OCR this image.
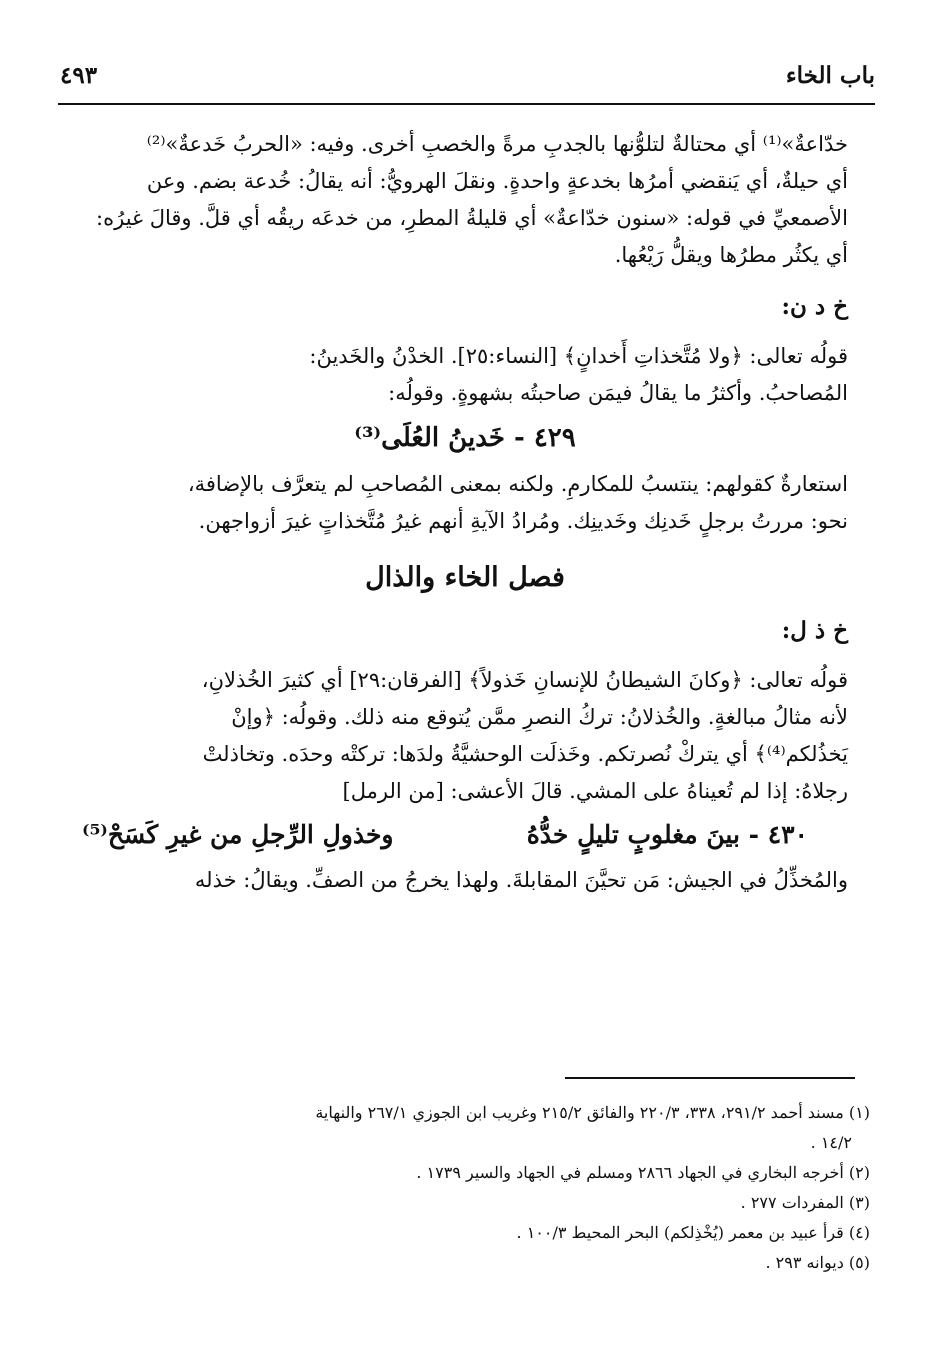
٤٩٣	باب الخاء

خدّاعةٌ»⁽¹⁾ أي محتالةٌ لتلوُّنها بالجدبِ مرةً والخصبِ أخرى. وفيه: «الحربُ خَدعةٌ»⁽²⁾

أي حيلةٌ، أي يَنقضي أمرُها بخدعةٍ واحدةٍ. ونقلَ الهرويُّ: أنه يقالُ: خُدعة بضم. وعن

الأصمعيِّ في قوله: «سنون خدّاعةٌ» أي قليلةُ المطرِ، من خدعَه ريقُه أي قلَّ. وقالَ غيرُه:

أي يكثُر مطرُها ويقلُّ رَيْعُها.

خ د ن:

قولُه تعالى: ﴿ولا مُتَّخذاتِ أَخدانٍ﴾ [النساء:٢٥]. الخدْنُ والخَدينُ:

المُصاحبُ. وأكثرُ ما يقالُ فيمَن صاحبتُه بشهوةٍ. وقولُه:

٤٢٩ - خَدينُ العُلَى⁽³⁾

استعارةٌ كقولهم: ينتسبُ للمكارمِ. ولكنه بمعنى المُصاحبِ لم يتعرَّف بالإضافة،

نحو: مررتُ برجلٍ خَدنِك وخَدينِك. ومُرادُ الآيةِ أنهم غيرُ مُتَّخذاتٍ غيرَ أزواجهن.

فصل الخاء والذال
خ ذ ل:

قولُه تعالى: ﴿وكانَ الشيطانُ للإنسانِ خَذولاً﴾ [الفرقان:٢٩] أي كثيرَ الخُذلانِ،

لأنه مثالُ مبالغةٍ. والخُذلانُ: تركُ النصرِ ممَّن يُتوقع منه ذلك. وقولُه: ﴿وإنْ

يَخذُلكم⁽⁴⁾﴾ أي يتركْ نُصرتكم. وخَذلَت الوحشيَّةُ ولدَها: تركتْه وحدَه. وتخاذلتْ

رجلاهُ: إذا لم تُعيناهُ على المشي. قالَ الأعشى: [من الرمل]

٤٣٠ - بينَ مغلوبٍ تليلٍ خدُّهُ
وخذولِ الرِّجلِ من غيرِ كَسَحْ⁽⁵⁾

والمُخذِّلُ في الجيش: مَن تحيَّنَ المقابلةَ. ولهذا يخرجُ من الصفِّ. ويقالُ: خذله

(١) مسند أحمد ٢٩١/٢، ٣٣٨، ٢٢٠/٣ والفائق ٢١٥/٢ وغريب ابن الجوزي ٢٦٧/١ والنهاية

١٤/٢ .

(٢) أخرجه البخاري في الجهاد ٢٨٦٦ ومسلم في الجهاد والسير ١٧٣٩ .

(٣) المفردات ٢٧٧ .

(٤) قرأ عبيد بن معمر (يُخْذِلكم) البحر المحيط ١٠٠/٣ .

(٥) ديوانه ٢٩٣ .
